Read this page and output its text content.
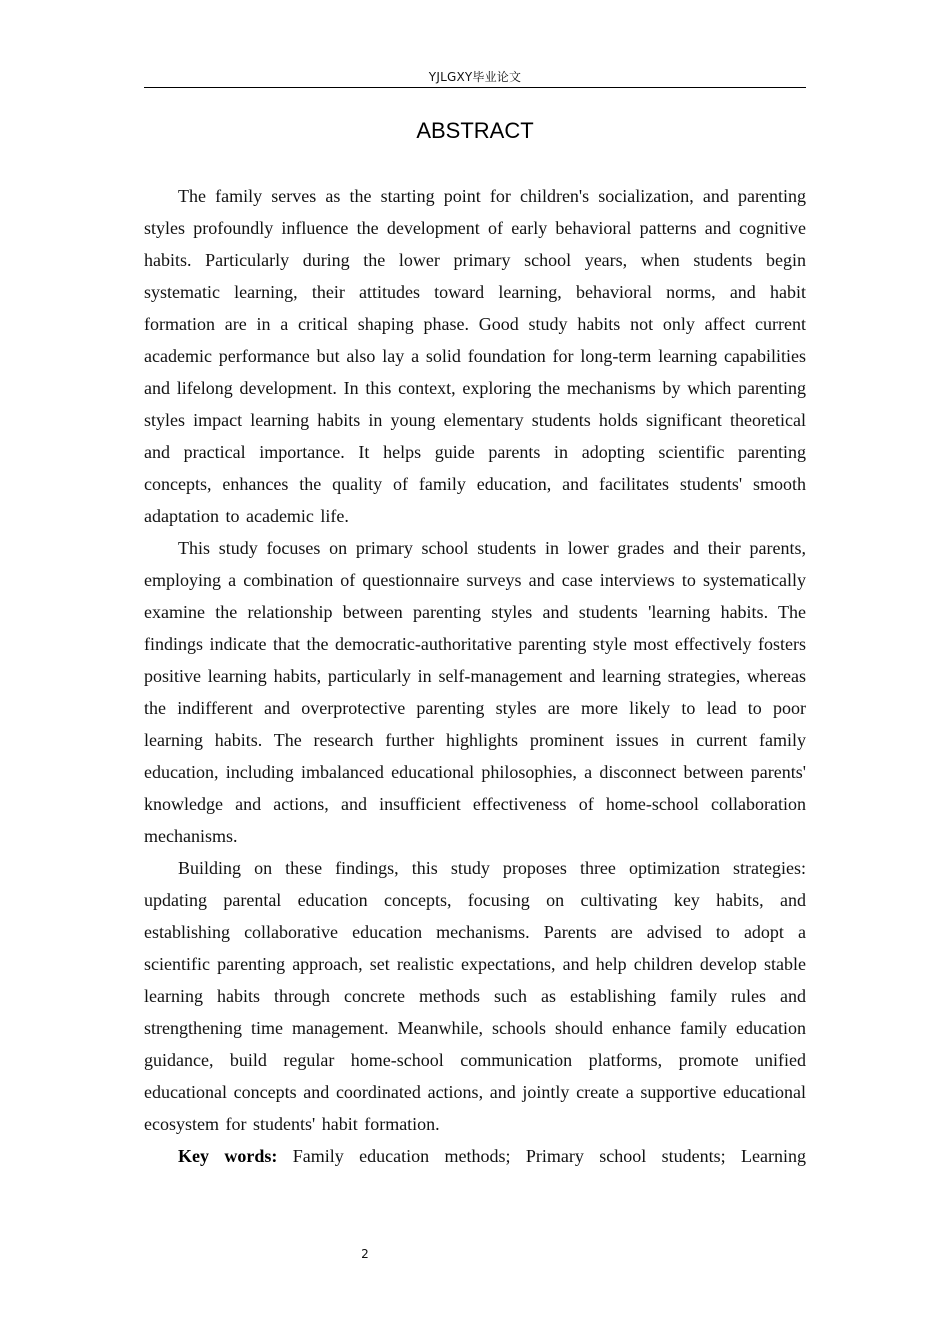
YJLGXY毕业论文
ABSTRACT

The family serves as the starting point for children's socialization, and parenting styles profoundly influence the development of early behavioral patterns and cognitive habits. Particularly during the lower primary school years, when students begin systematic learning, their attitudes toward learning, behavioral norms, and habit formation are in a critical shaping phase. Good study habits not only affect current academic performance but also lay a solid foundation for long-term learning capabilities and lifelong development. In this context, exploring the mechanisms by which parenting styles impact learning habits in young elementary students holds significant theoretical and practical importance. It helps guide parents in adopting scientific parenting concepts, enhances the quality of family education, and facilitates students' smooth adaptation to academic life.

This study focuses on primary school students in lower grades and their parents, employing a combination of questionnaire surveys and case interviews to systematically examine the relationship between parenting styles and students 'learning habits. The findings indicate that the democratic-authoritative parenting style most effectively fosters positive learning habits, particularly in self-management and learning strategies, whereas the indifferent and overprotective parenting styles are more likely to lead to poor learning habits. The research further highlights prominent issues in current family education, including imbalanced educational philosophies, a disconnect between parents' knowledge and actions, and insufficient effectiveness of home-school collaboration mechanisms.

Building on these findings, this study proposes three optimization strategies: updating parental education concepts, focusing on cultivating key habits, and establishing collaborative education mechanisms. Parents are advised to adopt a scientific parenting approach, set realistic expectations, and help children develop stable learning habits through concrete methods such as establishing family rules and strengthening time management. Meanwhile, schools should enhance family education guidance, build regular home-school communication platforms, promote unified educational concepts and coordinated actions, and jointly create a supportive educational ecosystem for students' habit formation.

Key words: Family education methods; Primary school students; Learning

2
